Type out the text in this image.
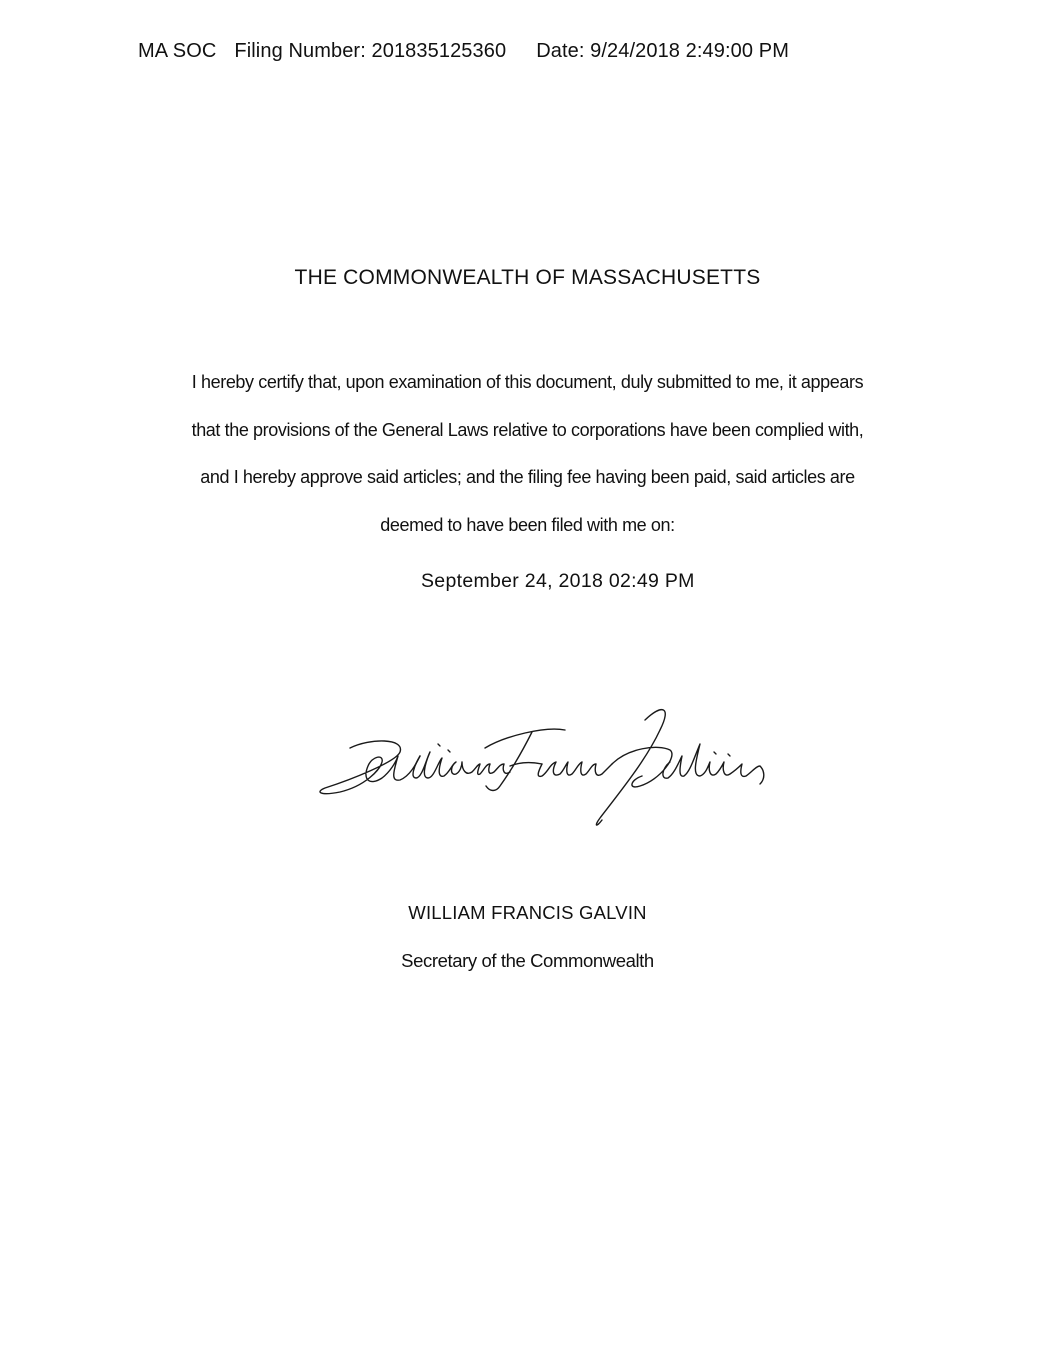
MA SOC Filing Number: 201835125360 Date: 9/24/2018 2:49:00 PM
THE COMMONWEALTH OF MASSACHUSETTS
I hereby certify that, upon examination of this document, duly submitted to me, it appears
that the provisions of the General Laws relative to corporations have been complied with,
and I hereby approve said articles; and the filing fee having been paid, said articles are
deemed to have been filed with me on:
September 24, 2018 02:49 PM
WILLIAM FRANCIS GALVIN
Secretary of the Commonwealth
